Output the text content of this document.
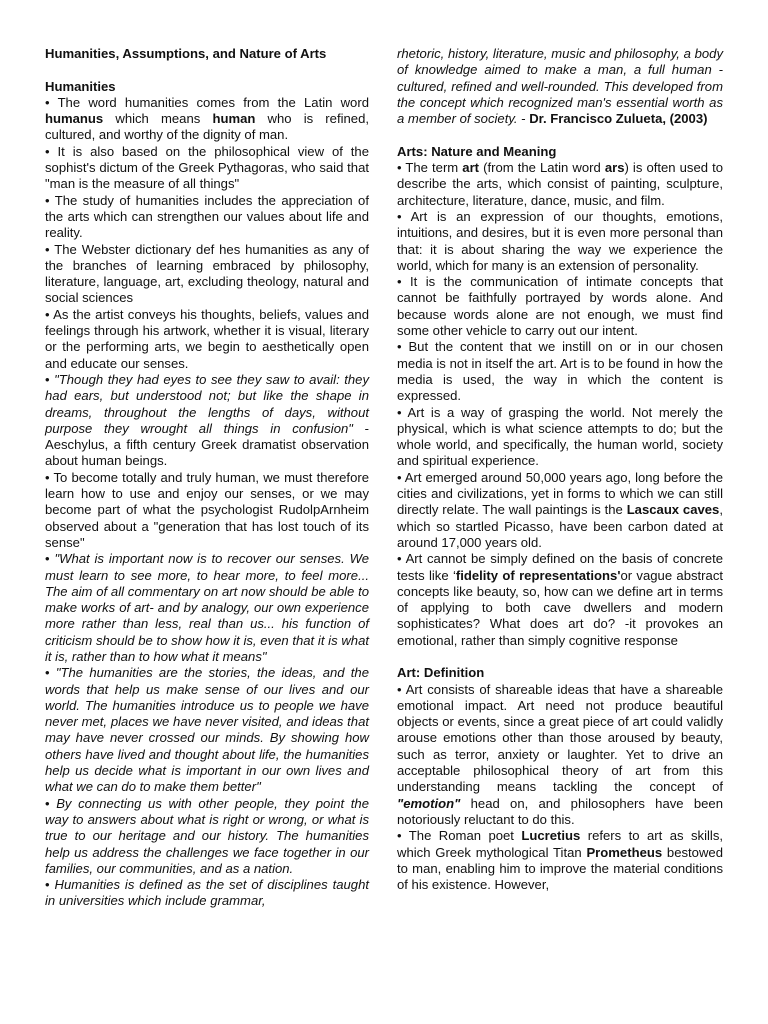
Humanities, Assumptions, and Nature of Arts

Humanities

• The word humanities comes from the Latin word humanus which means human who is refined, cultured, and worthy of the dignity of man.

• It is also based on the philosophical view of the sophist's dictum of the Greek Pythagoras, who said that "man is the measure of all things"

• The study of humanities includes the appreciation of the arts which can strengthen our values about life and reality.

• The Webster dictionary def hes humanities as any of the branches of learning embraced by philosophy, literature, language, art, excluding theology, natural and social sciences

• As the artist conveys his thoughts, beliefs, values and feelings through his artwork, whether it is visual, literary or the performing arts, we begin to aesthetically open and educate our senses.

• "Though they had eyes to see they saw to avail: they had ears, but understood not; but like the shape in dreams, throughout the lengths of days, without purpose they wrought all things in confusion" - Aeschylus, a fifth century Greek dramatist observation about human beings.

• To become totally and truly human, we must therefore learn how to use and enjoy our senses, or we may become part of what the psychologist RudolpArnheim observed about a "generation that has lost touch of its sense"

• "What is important now is to recover our senses. We must learn to see more, to hear more, to feel more... The aim of all commentary on art now should be able to make works of art- and by analogy, our own experience more rather than less, real than us... his function of criticism should be to show how it is, even that it is what it is, rather than to how what it means"

• "The humanities are the stories, the ideas, and the words that help us make sense of our lives and our world. The humanities introduce us to people we have never met, places we have never visited, and ideas that may have never crossed our minds. By showing how others have lived and thought about life, the humanities help us decide what is important in our own lives and what we can do to make them better"

• By connecting us with other people, they point the way to answers about what is right or wrong, or what is true to our heritage and our history. The humanities help us address the challenges we face together in our families, our communities, and as a nation.

• Humanities is defined as the set of disciplines taught in universities which include grammar,

rhetoric, history, literature, music and philosophy, a body of knowledge aimed to make a man, a full human - cultured, refined and well-rounded. This developed from the concept which recognized man's essential worth as a member of society. - Dr. Francisco Zulueta, (2003)

Arts: Nature and Meaning

• The term art (from the Latin word ars) is often used to describe the arts, which consist of painting, sculpture, architecture, literature, dance, music, and film.

• Art is an expression of our thoughts, emotions, intuitions, and desires, but it is even more personal than that: it is about sharing the way we experience the world, which for many is an extension of personality.

• It is the communication of intimate concepts that cannot be faithfully portrayed by words alone. And because words alone are not enough, we must find some other vehicle to carry out our intent.

• But the content that we instill on or in our chosen media is not in itself the art. Art is to be found in how the media is used, the way in which the content is expressed.

• Art is a way of grasping the world. Not merely the physical, which is what science attempts to do; but the whole world, and specifically, the human world, society and spiritual experience.

• Art emerged around 50,000 years ago, long before the cities and civilizations, yet in forms to which we can still directly relate. The wall paintings is the Lascaux caves, which so startled Picasso, have been carbon dated at around 17,000 years old.

• Art cannot be simply defined on the basis of concrete tests like ‘fidelity of representations'or vague abstract concepts like beauty, so, how can we define art in terms of applying to both cave dwellers and modern sophisticates? What does art do? -it provokes an emotional, rather than simply cognitive response

Art: Definition

• Art consists of shareable ideas that have a shareable emotional impact. Art need not produce beautiful objects or events, since a great piece of art could validly arouse emotions other than those aroused by beauty, such as terror, anxiety or laughter. Yet to drive an acceptable philosophical theory of art from this understanding means tackling the concept of "emotion" head on, and philosophers have been notoriously reluctant to do this.

• The Roman poet Lucretius refers to art as skills, which Greek mythological Titan Prometheus bestowed to man, enabling him to improve the material conditions of his existence. However,
